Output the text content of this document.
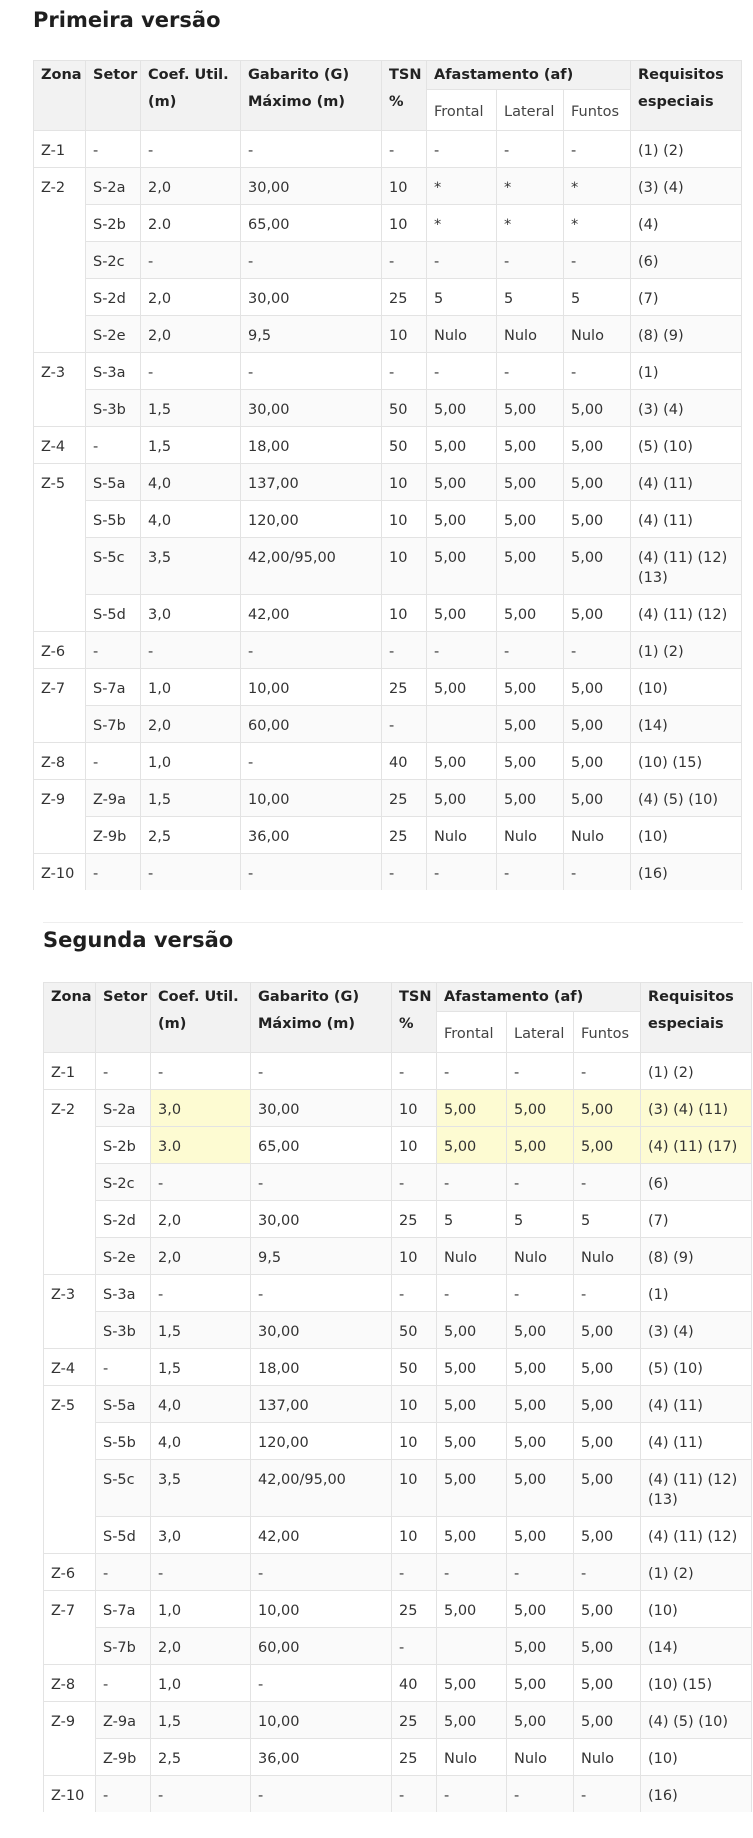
Primeira versão
Zona	Setor	Coef. Util.(m)	Gabarito (G) Máximo (m)	TSN %	Afastamento (af)			Requisitos especiais
					Frontal	Lateral	Funtos	
Z-1	-	-	-	-	-	-	-	(1) (2)
Z-2	S-2a	2,0	30,00	10	*	*	*	(3) (4)
	S-2b	2.0	65,00	10	*	*	*	(4)
	S-2c	-	-	-	-	-	-	(6)
	S-2d	2,0	30,00	25	5	5	5	(7)
	S-2e	2,0	9,5	10	Nulo	Nulo	Nulo	(8) (9)
Z-3	S-3a	-	-	-	-	-	-	(1)
	S-3b	1,5	30,00	50	5,00	5,00	5,00	(3) (4)
Z-4	-	1,5	18,00	50	5,00	5,00	5,00	(5) (10)
Z-5	S-5a	4,0	137,00	10	5,00	5,00	5,00	(4) (11)
	S-5b	4,0	120,00	10	5,00	5,00	5,00	(4) (11)
	S-5c	3,5	42,00/95,00	10	5,00	5,00	5,00	(4) (11) (12) (13)
	S-5d	3,0	42,00	10	5,00	5,00	5,00	(4) (11) (12)
Z-6	-	-	-	-	-	-	-	(1) (2)
Z-7	S-7a	1,0	10,00	25	5,00	5,00	5,00	(10)
	S-7b	2,0	60,00	-		5,00	5,00	(14)
Z-8	-	1,0	-	40	5,00	5,00	5,00	(10) (15)
Z-9	Z-9a	1,5	10,00	25	5,00	5,00	5,00	(4) (5) (10)
	Z-9b	2,5	36,00	25	Nulo	Nulo	Nulo	(10)
Z-10	-	-	-	-	-	-	-	(16)
Segunda versão
Zona	Setor	Coef. Util.(m)	Gabarito (G) Máximo (m)	TSN %	Afastamento (af)			Requisitos especiais
					Frontal	Lateral	Funtos	
Z-1	-	-	-	-	-	-	-	(1) (2)
Z-2	S-2a	3,0	30,00	10	5,00	5,00	5,00	(3) (4) (11)
	S-2b	3.0	65,00	10	5,00	5,00	5,00	(4) (11) (17)
	S-2c	-	-	-	-	-	-	(6)
	S-2d	2,0	30,00	25	5	5	5	(7)
	S-2e	2,0	9,5	10	Nulo	Nulo	Nulo	(8) (9)
Z-3	S-3a	-	-	-	-	-	-	(1)
	S-3b	1,5	30,00	50	5,00	5,00	5,00	(3) (4)
Z-4	-	1,5	18,00	50	5,00	5,00	5,00	(5) (10)
Z-5	S-5a	4,0	137,00	10	5,00	5,00	5,00	(4) (11)
	S-5b	4,0	120,00	10	5,00	5,00	5,00	(4) (11)
	S-5c	3,5	42,00/95,00	10	5,00	5,00	5,00	(4) (11) (12) (13)
	S-5d	3,0	42,00	10	5,00	5,00	5,00	(4) (11) (12)
Z-6	-	-	-	-	-	-	-	(1) (2)
Z-7	S-7a	1,0	10,00	25	5,00	5,00	5,00	(10)
	S-7b	2,0	60,00	-		5,00	5,00	(14)
Z-8	-	1,0	-	40	5,00	5,00	5,00	(10) (15)
Z-9	Z-9a	1,5	10,00	25	5,00	5,00	5,00	(4) (5) (10)
	Z-9b	2,5	36,00	25	Nulo	Nulo	Nulo	(10)
Z-10	-	-	-	-	-	-	-	(16)
